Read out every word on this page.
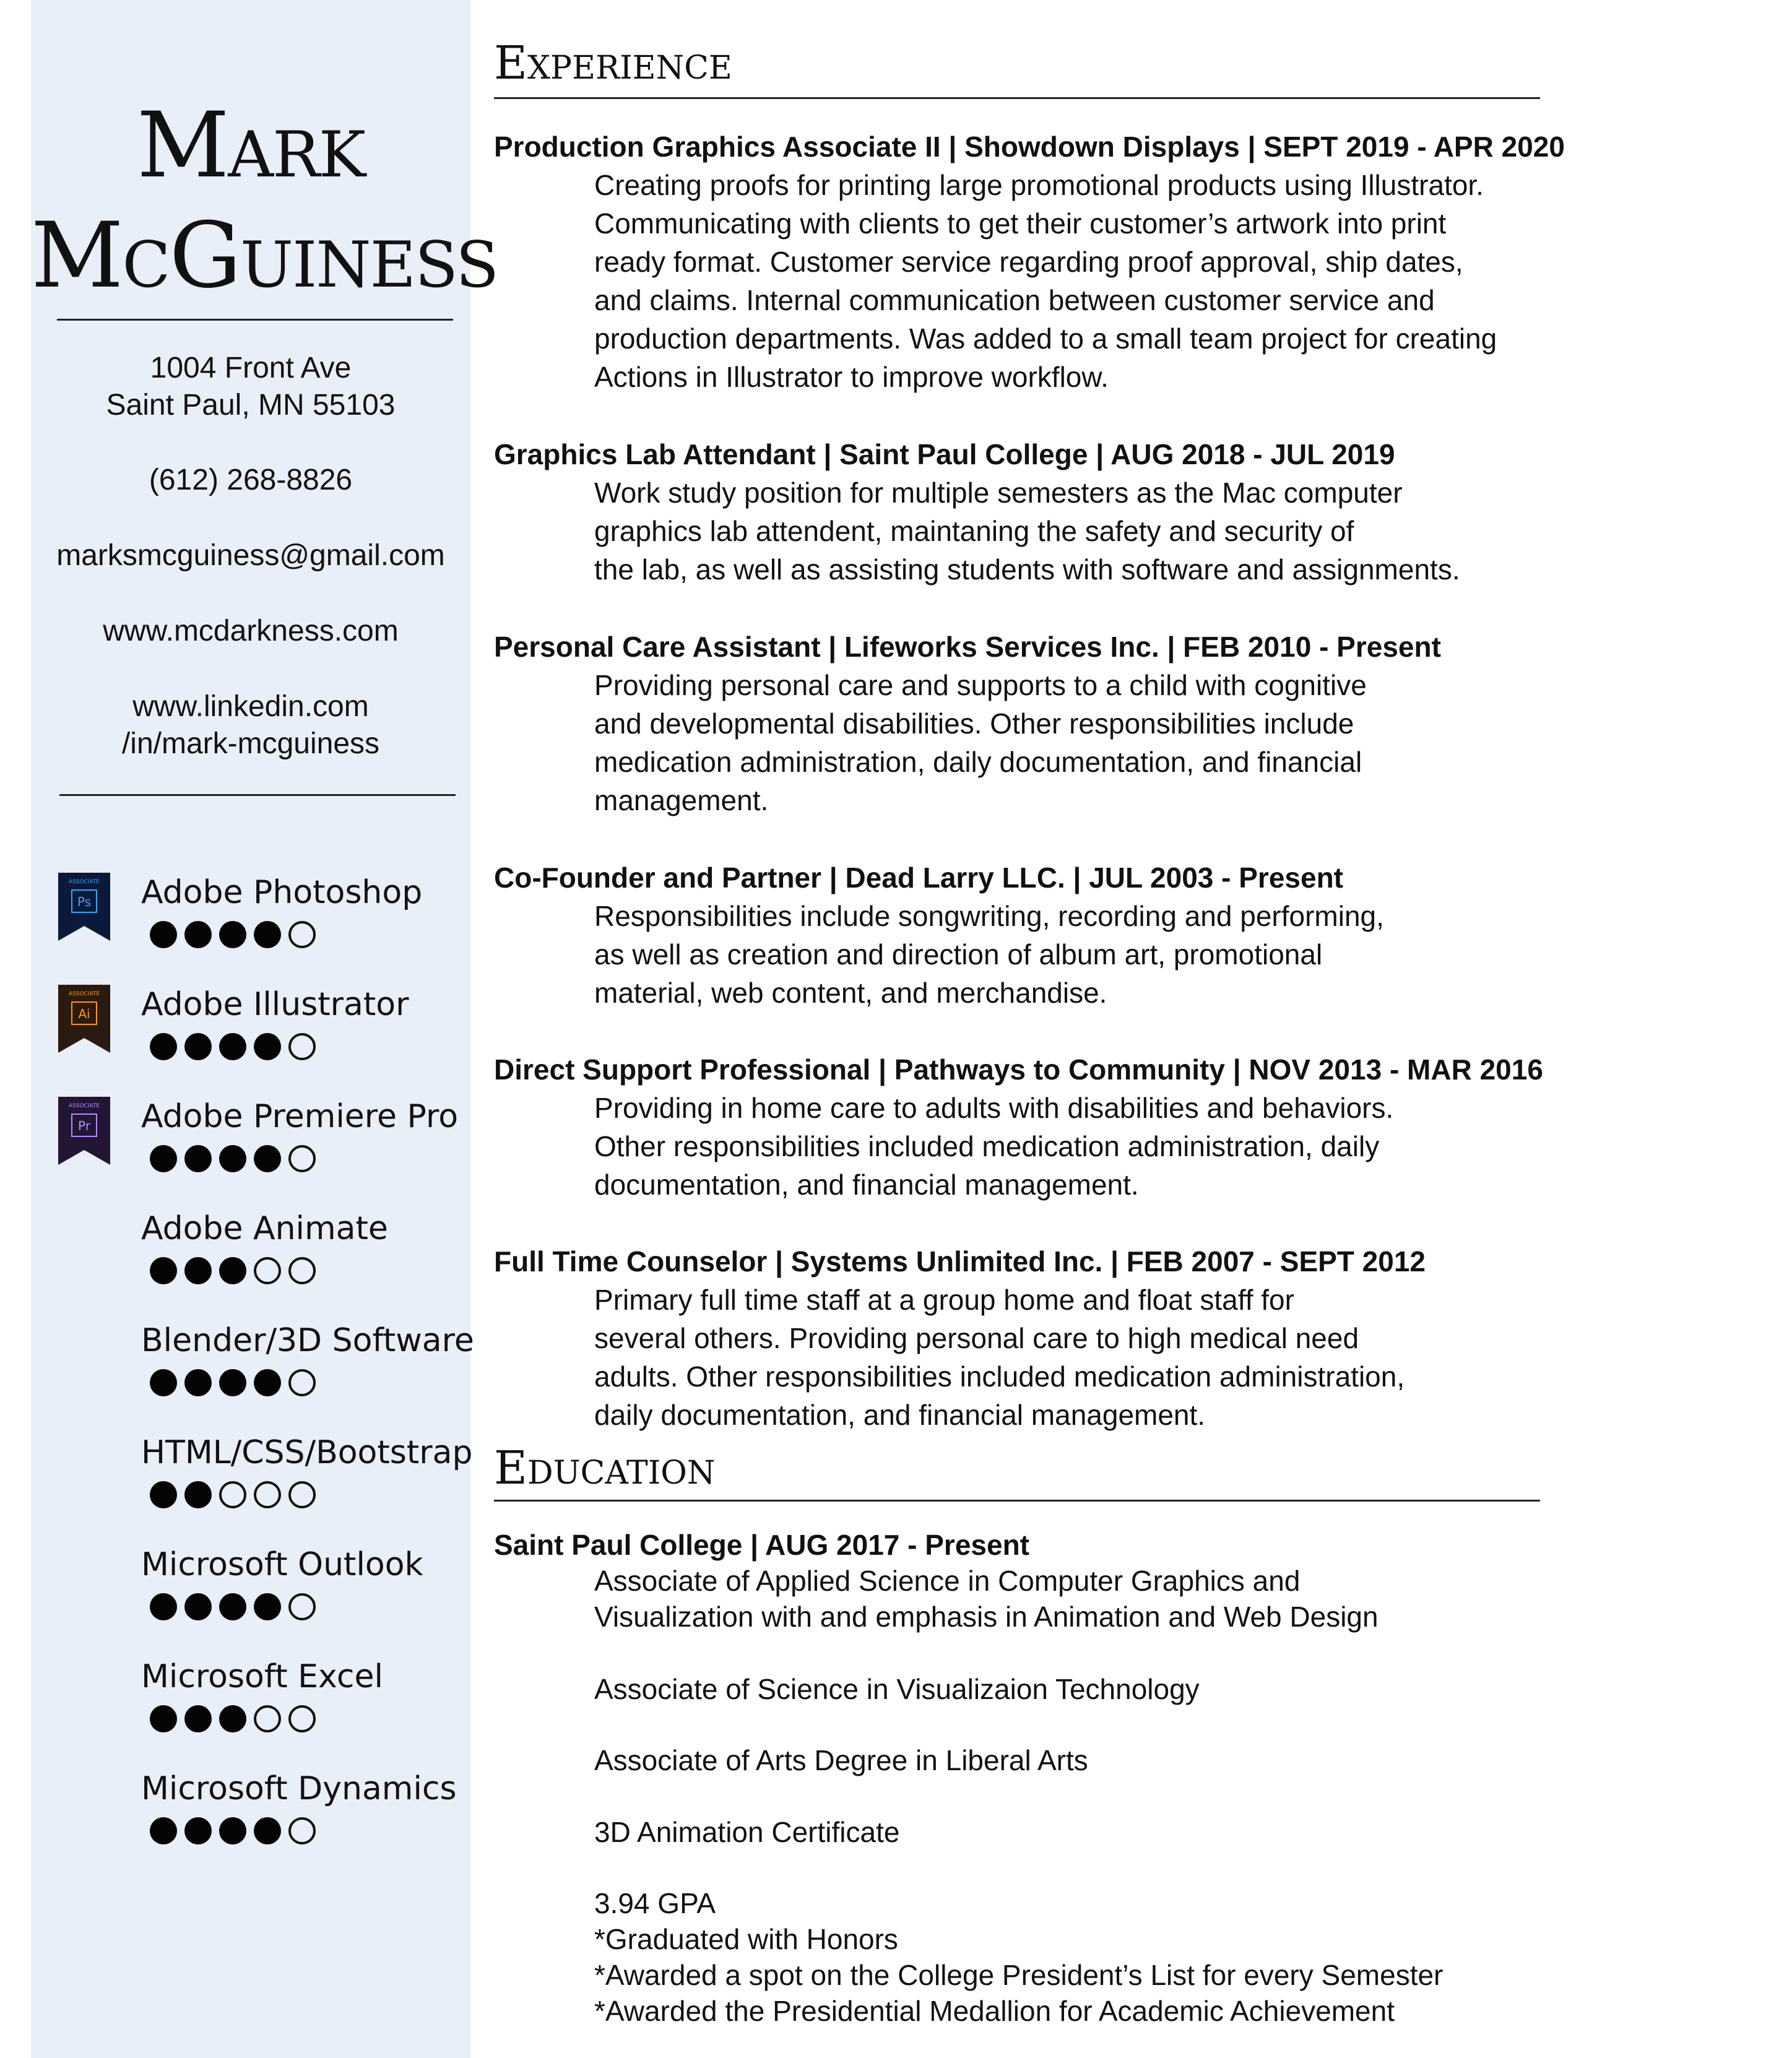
Mark
McGuiness
1004 Front Ave
Saint Paul, MN 55103
(612) 268-8826
marksmcguiness@gmail.com
www.mcdarkness.com
www.linkedin.com
/in/mark-mcguiness
ASSOCIATE
Ps Adobe Photoshop
ASSOCIATE
Ai Adobe Illustrator
ASSOCIATE
Pr Adobe Premiere Pro
Adobe Animate
Blender/3D Software
HTML/CSS/Bootstrap
Microsoft Outlook
Microsoft Excel
Microsoft Dynamics
Experience
Production Graphics Associate II | Showdown Displays | SEPT 2019 - APR 2020
Creating proofs for printing large promotional products using Illustrator.
Communicating with clients to get their customer’s artwork into print
ready format. Customer service regarding proof approval, ship dates,
and claims. Internal communication between customer service and
production departments. Was added to a small team project for creating
Actions in Illustrator to improve workflow.
Graphics Lab Attendant | Saint Paul College | AUG 2018 - JUL 2019
Work study position for multiple semesters as the Mac computer
graphics lab attendent, maintaning the safety and security of
the lab, as well as assisting students with software and assignments.
Personal Care Assistant | Lifeworks Services Inc. | FEB 2010 - Present
Providing personal care and supports to a child with cognitive
and developmental disabilities. Other responsibilities include
medication administration, daily documentation, and financial
management.
Co-Founder and Partner | Dead Larry LLC. | JUL 2003 - Present
Responsibilities include songwriting, recording and performing,
as well as creation and direction of album art, promotional
material, web content, and merchandise.
Direct Support Professional | Pathways to Community | NOV 2013 - MAR 2016
Providing in home care to adults with disabilities and behaviors.
Other responsibilities included medication administration, daily
documentation, and financial management.
Full Time Counselor | Systems Unlimited Inc. | FEB 2007 - SEPT 2012
Primary full time staff at a group home and float staff for
several others. Providing personal care to high medical need
adults. Other responsibilities included medication administration,
daily documentation, and financial management.
Education
Saint Paul College | AUG 2017 - Present
Associate of Applied Science in Computer Graphics and
Visualization with and emphasis in Animation and Web Design
Associate of Science in Visualizaion Technology
Associate of Arts Degree in Liberal Arts
3D Animation Certificate
3.94 GPA
*Graduated with Honors
*Awarded a spot on the College President’s List for every Semester
*Awarded the Presidential Medallion for Academic Achievement
